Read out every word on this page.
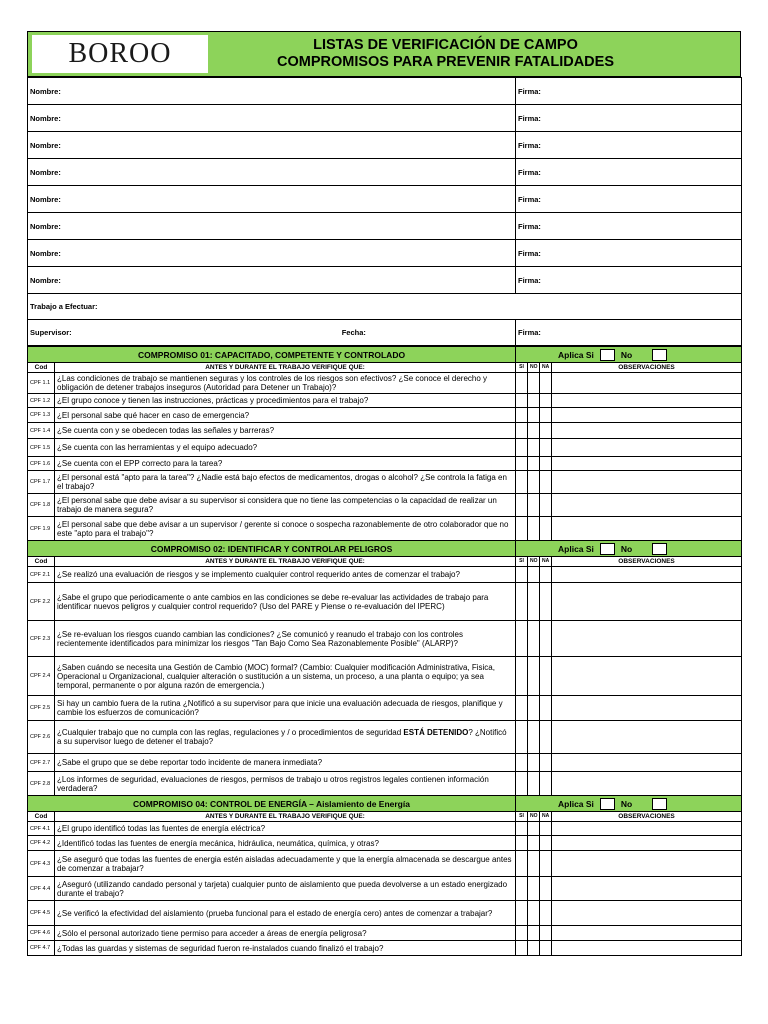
BOROO	LISTAS DE VERIFICACIÓN DE CAMPO
COMPROMISOS PARA PREVENIR FATALIDADES
Nombre:	Firma:
Nombre:	Firma:
Nombre:	Firma:
Nombre:	Firma:
Nombre:	Firma:
Nombre:	Firma:
Nombre:	Firma:
Nombre:	Firma:
Trabajo a Efectuar:	
Supervisor: Fecha:	Firma:
COMPROMISO 01: CAPACITADO, COMPETENTE Y CONTROLADO		Aplica Si No			

Cod	ANTES Y DURANTE EL TRABAJO VERIFIQUE QUE:	SI	NO	NA	OBSERVACIONES
CPF 1.1	¿Las condiciones de trabajo se mantienen seguras y los controles de los riesgos son efectivos? ¿Se conoce el derecho y obligación de detener trabajos inseguros (Autoridad para Detener un Trabajo)?				
CPF 1.2	¿El grupo conoce y tienen las instrucciones, prácticas y procedimientos para el trabajo?				
CPF 1.3	¿El personal sabe qué hacer en caso de emergencia?				
CPF 1.4	¿Se cuenta con y se obedecen todas las señales y barreras?				
CPF 1.5	¿Se cuenta con las herramientas y el equipo adecuado?				
CPF 1.6	¿Se cuenta con el EPP correcto para la tarea?				
CPF 1.7	¿El personal está "apto para la tarea"? ¿Nadie está bajo efectos de medicamentos, drogas o alcohol? ¿Se controla la fatiga en el trabajo?				
CPF 1.8	¿El personal sabe que debe avisar a su supervisor si considera que no tiene las competencias o la capacidad de realizar un trabajo de manera segura?				
CPF 1.9	¿El personal sabe que debe avisar a un supervisor / gerente si conoce o sospecha razonablemente de otro colaborador que no este "apto para el trabajo"?				
COMPROMISO 02: IDENTIFICAR Y CONTROLAR PELIGROS		Aplica Si No			

Cod	ANTES Y DURANTE EL TRABAJO VERIFIQUE QUE:	SI	NO	NA	OBSERVACIONES
CPF 2.1	¿Se realizó una evaluación de riesgos y se implemento cualquier control requerido antes de comenzar el trabajo?				
CPF 2.2	¿Sabe el grupo que periodicamente o ante cambios en las condiciones se debe re-evaluar las actividades de trabajo para identificar nuevos peligros y cualquier control requerido? (Uso del PARE y Piense o re-evaluación del IPERC)				
CPF 2.3	¿Se re-evaluan los riesgos cuando cambian las condiciones? ¿Se comunicó y reanudo el trabajo con los controles recientemente identificados para minimizar los riesgos "Tan Bajo Como Sea Razonablemente Posible" (ALARP)?				
CPF 2.4	¿Saben cuándo se necesita una Gestión de Cambio (MOC) formal? (Cambio: Cualquier modificación Administrativa, Fisica, Operacional u Organizacional, cualquier alteración o sustitución a un sistema, un proceso, a una planta o equipo; ya sea temporal, permanente o por alguna razón de emergencia.)				
CPF 2.5	Si hay un cambio fuera de la rutina ¿Notificó a su supervisor para que inicie una evaluación adecuada de riesgos, planifique y cambie los esfuerzos de comunicación?				
CPF 2.6	¿Cualquier trabajo que no cumpla con las reglas, regulaciones y / o procedimientos de seguridad ESTÁ DETENIDO? ¿Notificó a su supervisor luego de detener el trabajo?				
CPF 2.7	¿Sabe el grupo que se debe reportar todo incidente de manera inmediata?				
CPF 2.8	¿Los informes de seguridad, evaluaciones de riesgos, permisos de trabajo u otros registros legales contienen información verdadera?				
COMPROMISO 04: CONTROL DE ENERGÍA – Aislamiento de Energía		Aplica Si No			

Cod	ANTES Y DURANTE EL TRABAJO VERIFIQUE QUE:	SI	NO	NA	OBSERVACIONES
CPF 4.1	¿El grupo identificó todas las fuentes de energía eléctrica?				
CPF 4.2	¿Identificó todas las fuentes de energía mecánica, hidráulica, neumática, química, y otras?				
CPF 4.3	¿Se aseguró que todas las fuentes de energia estén aisladas adecuadamente y que la energía almacenada se descargue antes de comenzar a trabajar?				
CPF 4.4	¿Aseguró (utilizando candado personal y tarjeta) cualquier punto de aislamiento que pueda devolverse a un estado energizado durante el trabajo?				
CPF 4.5	¿Se verificó la efectividad del aislamiento (prueba funcional para el estado de energía cero) antes de comenzar a trabajar?				
CPF 4.6	¿Sólo el personal autorizado tiene permiso para acceder a áreas de energía peligrosa?				
CPF 4.7	¿Todas las guardas y sistemas de seguridad fueron re-instalados cuando finalizó el trabajo?				
